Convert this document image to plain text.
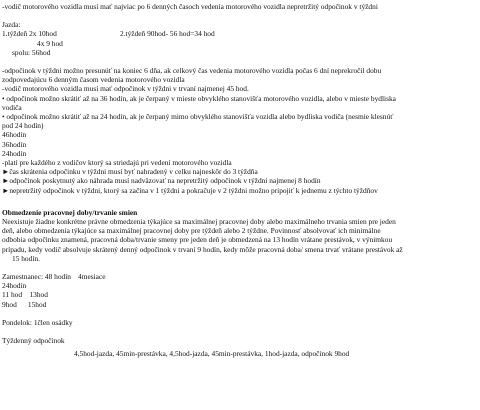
-vodič motorového vozidla musí mať najviac po 6 denných časoch vedenia motorového vozidla nepretržitý odpočinok v týždni
Jazda:
1.týždeň 2x 10hod	2.týždeň 90hod- 56 hod=34 hod
4x 9 hod
spolu: 56hod
-odpočinok v týždni možno presunúť na koniec 6 dňa, ak celkový čas vedenia motorového vozidla počas 6 dní neprekročil dobu
zodpovedajúcu 6 denným časom vedenia motorového vozidla
-vodič motorového vozidla musí mať odpočinok v týždni v trvaní najmenej 45 hod.
• odpočinok možno skrátiť až na 36 hodín, ak je čerpaný v mieste obvyklého stanovišťa motorového vozidla, alebo v mieste bydliska
vodiča
• odpočinok možno skrátiť až na 24 hodín, ak je čerpaný mimo obvyklého stanovišťa vozidla alebo bydliska vodiča (nesmie klesnúť
pod 24 hodín)
46hodín
36hodín
24hodín
-platí pre každého z vodičov ktorý sa striedajú pri vedení motorového vozidla
►čas skrátenia odpočinku v týždni musí byť nahradený v celku najneskôr do 3 týždňa
►odpočinok poskytnutý ako náhrada musí nadväzovať na nepretržitý odpočinok v týždni najmenej 8 hodín
►nepretržitý odpočinok v týždni, ktorý sa začína v 1 týždni a pokračuje v 2 týždni možno pripojiť k jednemu z týchto týždňov
Obmedzenie pracovnej doby/trvanie smien
Neexistuje žiadne konkrétne právne obmedzenia týkajúce sa maximálnej pracovnej doby alebo maximálneho trvania smien pre jeden
deň, alebo obmedzenia týkajúce sa maximálnej pracovnej doby pre týždeň alebo 2 týždne. Povinnosť absolvovať ich minimálne
odbobia odpočinku znamená, pracovná doba/trvanie smeny pre jeden deň je obmedzená na 13 hodín vrátane prestávok, v výnimkou
prípadu, kedy vodič absolvuje skrátený denný odpočinok v trvaní 9 hodín, kedy môže pracovná doba/ smena trvať vrátane prestávok až
15 hodín.
Zamestnanec: 48 hodín 4mesiace
24hodín
11 hod    13hod
9hod      15hod
Pondelok: 1člen osádky
Týždenný odpočinok
4,5hod-jazda, 45min-prestávka, 4,5hod-jazda, 45min-prestávka, 1hod-jazda, odpočinok 9hod
